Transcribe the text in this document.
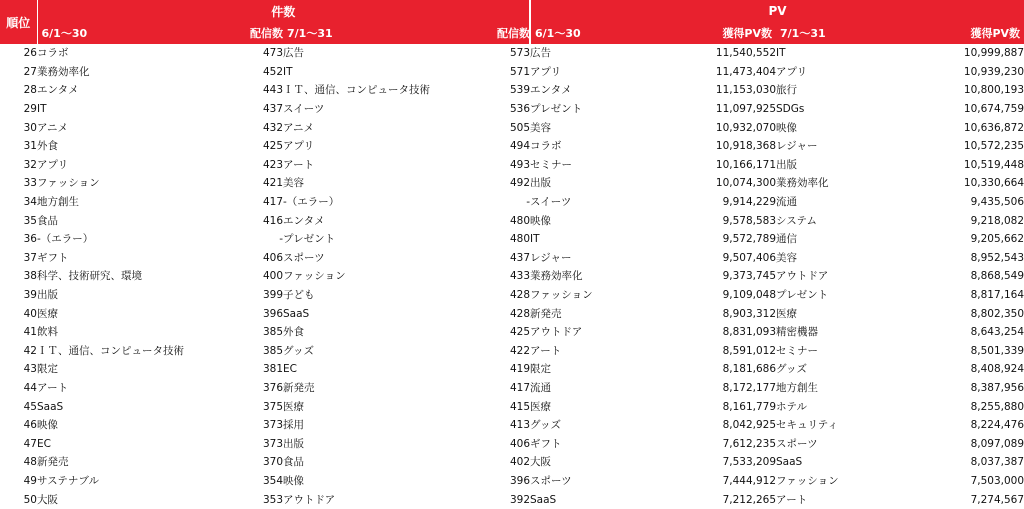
順位	件数				PV			
	6/1〜30	配信数	7/1〜31	配信数	6/1〜30	獲得PV数	7/1〜31	獲得PV数
26	コラボ	473	広告	573	広告	11,540,552	IT	10,999,887
27	業務効率化	452	IT	571	アプリ	11,473,404	アプリ	10,939,230
28	エンタメ	443	ＩＴ、通信、コンピュータ技術	539	エンタメ	11,153,030	旅行	10,800,193
29	IT	437	スイーツ	536	プレゼント	11,097,925	SDGs	10,674,759
30	アニメ	432	アニメ	505	美容	10,932,070	映像	10,636,872
31	外食	425	アプリ	494	コラボ	10,918,368	レジャー	10,572,235
32	アプリ	423	アート	493	セミナー	10,166,171	出版	10,519,448
33	ファッション	421	美容	492	出版	10,074,300	業務効率化	10,330,664
34	地方創生	417	-（エラー）	-	スイーツ	9,914,229	流通	9,435,506
35	食品	416	エンタメ	480	映像	9,578,583	システム	9,218,082
36	-（エラー）	-	プレゼント	480	IT	9,572,789	通信	9,205,662
37	ギフト	406	スポーツ	437	レジャー	9,507,406	美容	8,952,543
38	科学、技術研究、環境	400	ファッション	433	業務効率化	9,373,745	アウトドア	8,868,549
39	出版	399	子ども	428	ファッション	9,109,048	プレゼント	8,817,164
40	医療	396	SaaS	428	新発売	8,903,312	医療	8,802,350
41	飲料	385	外食	425	アウトドア	8,831,093	精密機器	8,643,254
42	ＩＴ、通信、コンピュータ技術	385	グッズ	422	アート	8,591,012	セミナー	8,501,339
43	限定	381	EC	419	限定	8,181,686	グッズ	8,408,924
44	アート	376	新発売	417	流通	8,172,177	地方創生	8,387,956
45	SaaS	375	医療	415	医療	8,161,779	ホテル	8,255,880
46	映像	373	採用	413	グッズ	8,042,925	セキュリティ	8,224,476
47	EC	373	出版	406	ギフト	7,612,235	スポーツ	8,097,089
48	新発売	370	食品	402	大阪	7,533,209	SaaS	8,037,387
49	サステナブル	354	映像	396	スポーツ	7,444,912	ファッション	7,503,000
50	大阪	353	アウトドア	392	SaaS	7,212,265	アート	7,274,567
